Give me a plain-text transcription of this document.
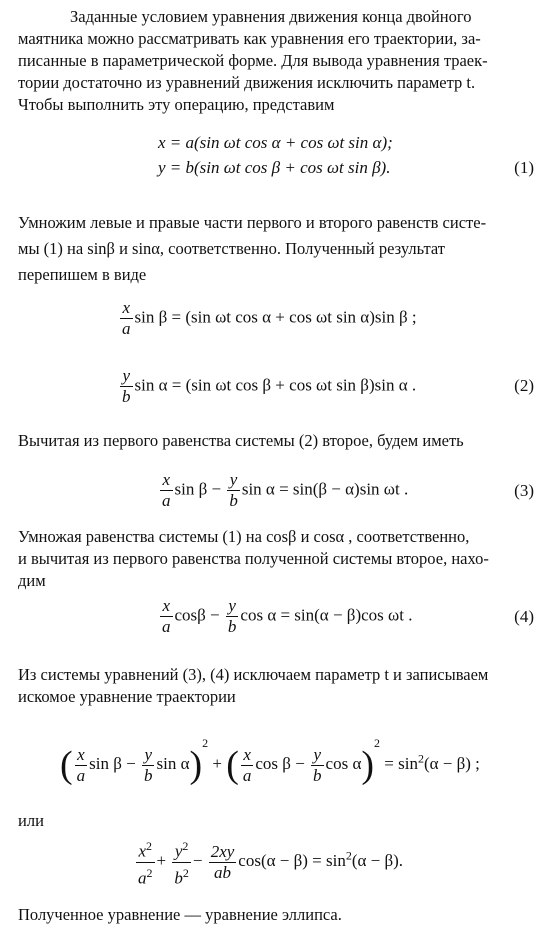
Заданные условием уравнения движения конца двойного
маятника можно рассматривать как уравнения его траектории, за-
писанные в параметрической форме. Для вывода уравнения траек-
тории достаточно из уравнений движения исключить параметр t.
Чтобы выполнить эту операцию, представим
x = a(sin ωt cos α + cos ωt sin α);
y = b(sin ωt cos β + cos ωt sin β).	(1)
Умножим левые и правые части первого и второго равенств систе-
мы (1) на sinβ и sinα, соответственно. Полученный результат
перепишем в виде
$\frac{x}{a}$ sin β = (sin ωt cos α + cos ωt sin α)sin β ;
$\frac{y}{b}$ sin α = (sin ωt cos β + cos ωt sin β)sin α .	(2)
Вычитая из первого равенства системы (2) второе, будем иметь
$\frac{x}{a}$ $\sin \beta - \frac{y}{b}$ sin α = sin(β − α)sin ωt .	(3)
Умножая равенства системы (1) на cosβ и cosα , соответственно,
и вычитая из первого равенства полученной системы второе, нахо-
дим
$\frac{x}{a}$ $\cos\beta - \frac{y}{b}$ cos α = sin(α − β)cos ωt .	(4)
Из системы уравнений (3), (4) исключаем параметр t и записываем
искомое уравнение траектории
( $\frac{x}{a}$ $\sin \beta - \frac{y}{b}$ sin α)$^2$ + ( $\frac{x}{a}$ $\cos \beta - \frac{y}{b}$ $\cos \alpha)^2 = \sin^2(\alpha - \beta)$ ;
или
$\frac{x^2}{a^2} + \frac{y^2}{b^2} - \frac{2xy}{ab} \cos(\alpha - \beta) = \sin^2(\alpha - \beta)$.
Полученное уравнение — уравнение эллипса.
